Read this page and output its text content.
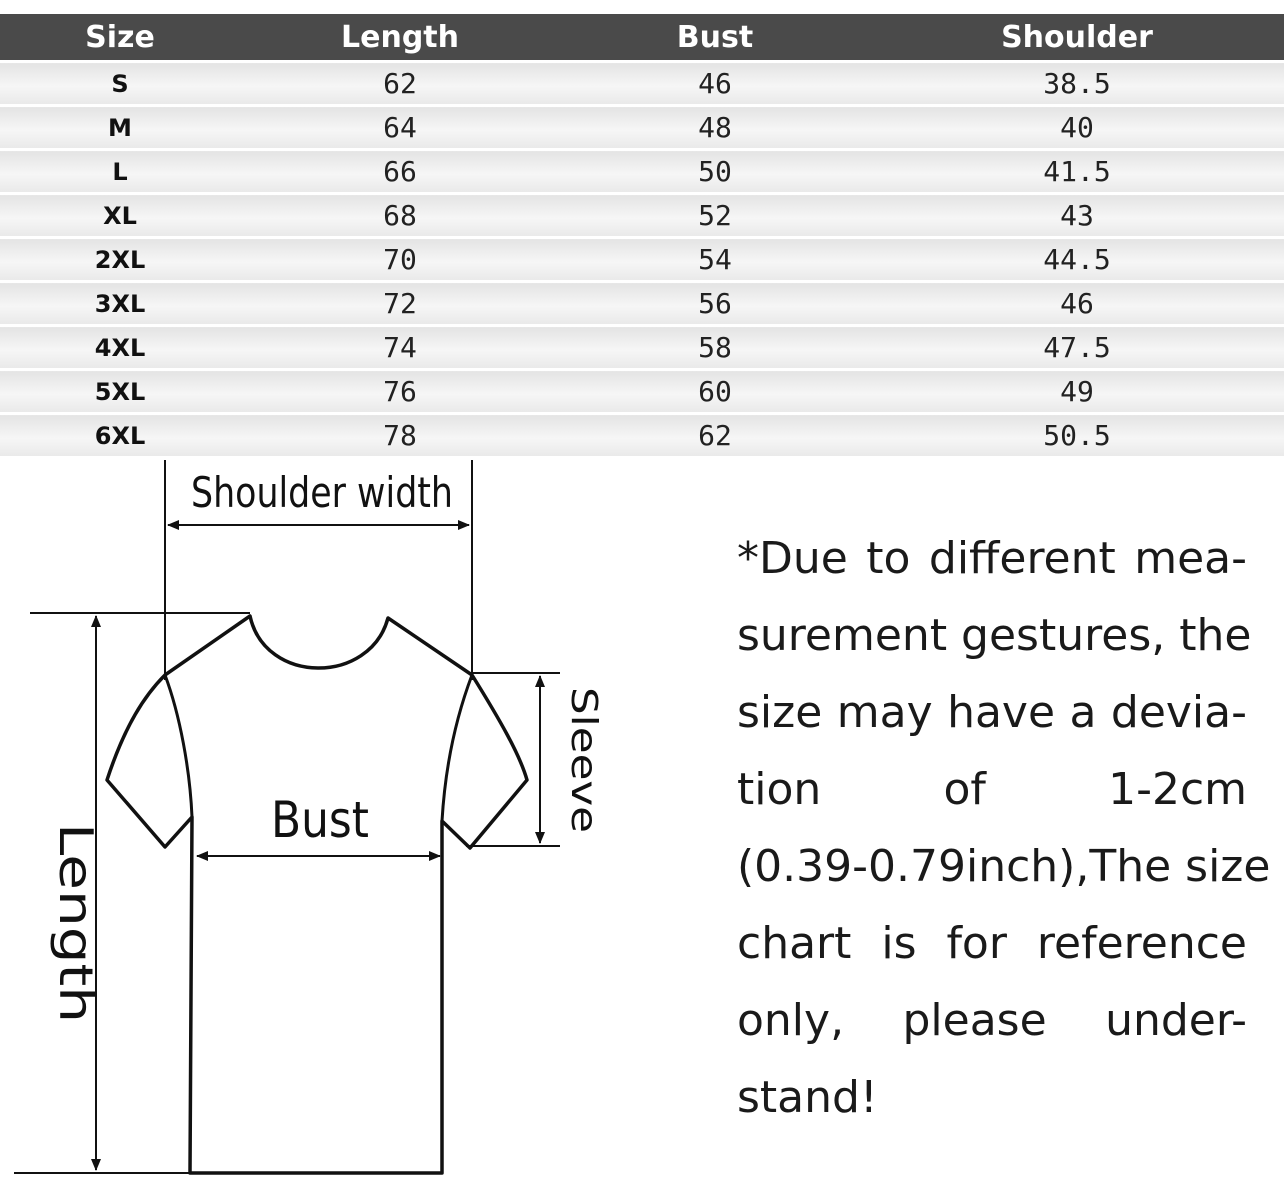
Size	Length	Bust	Shoulder
S	62	46	38.5
M	64	48	40
L	66	50	41.5
XL	68	52	43
2XL	70	54	44.5
3XL	72	56	46
4XL	74	58	47.5
5XL	76	60	49
6XL	78	62	50.5
Shoulder width
Length
Sleeve
Bust

*Due to different mea-
surement gestures, the
size may have a devia-
tion of 1-2cm
(0.39-0.79inch),The size
chart is for reference
only, please under-
stand!
